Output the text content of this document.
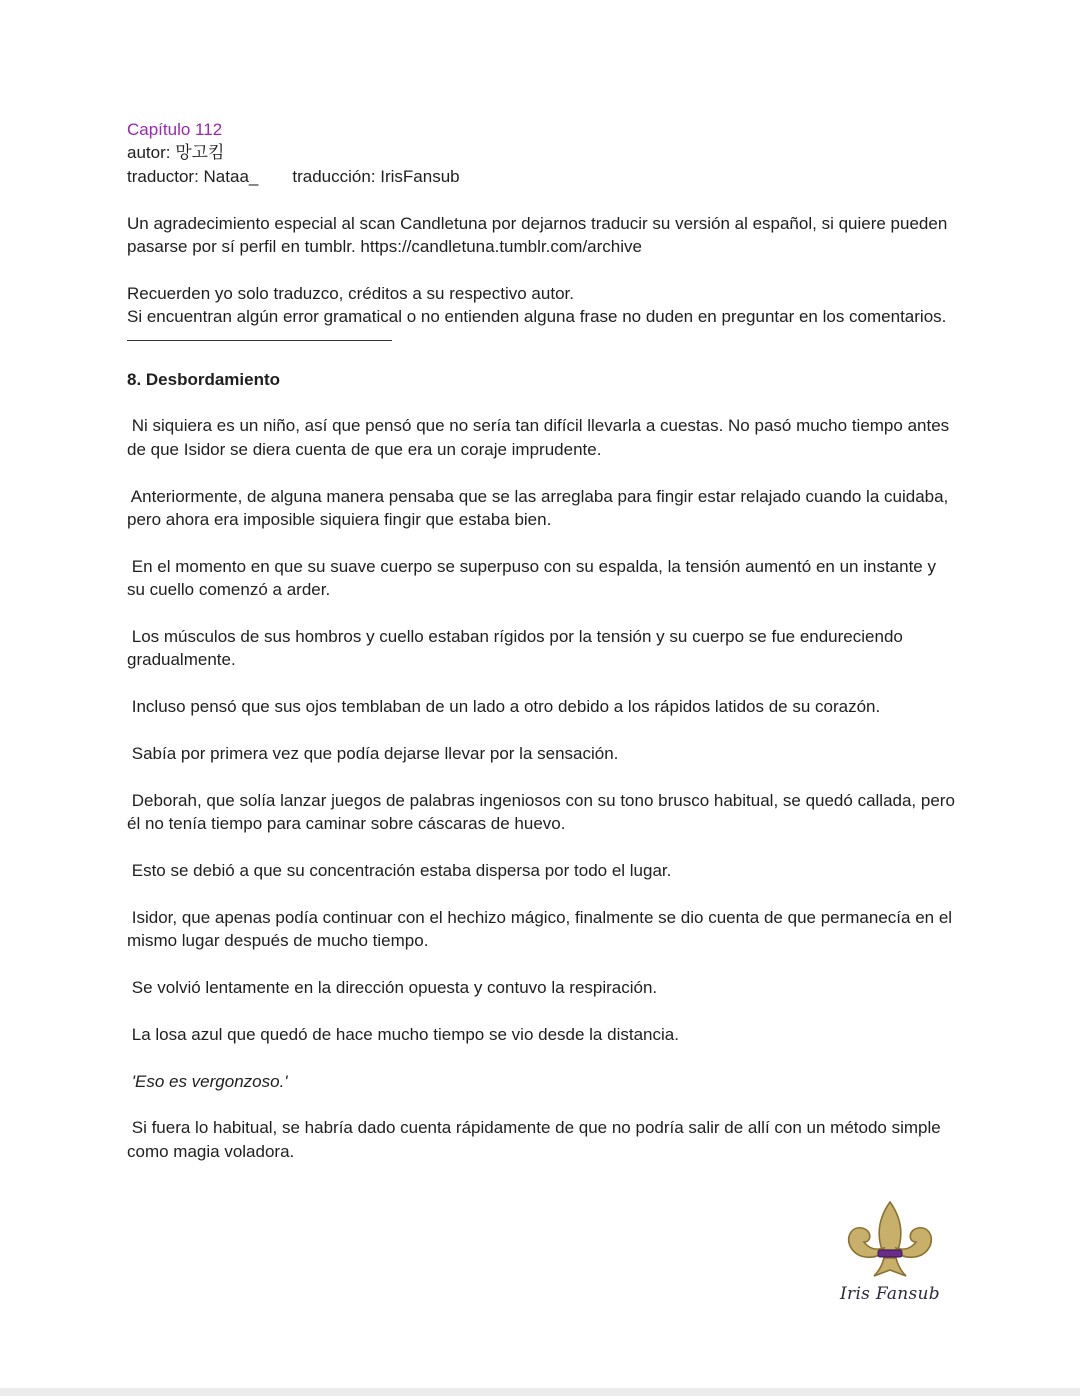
Capítulo 112

autor: 망고킴

traductor: Nataa_ traducción: IrisFansub

Un agradecimiento especial al scan Candletuna por dejarnos traducir su versión al español, si quiere pueden pasarse por sí perfil en tumblr. https://candletuna.tumblr.com/archive

Recuerden yo solo traduzco, créditos a su respectivo autor.

Si encuentran algún error gramatical o no entienden alguna frase no duden en preguntar en los comentarios.

8. Desbordamiento

Ni siquiera es un niño, así que pensó que no sería tan difícil llevarla a cuestas. No pasó mucho tiempo antes de que Isidor se diera cuenta de que era un coraje imprudente.

Anteriormente, de alguna manera pensaba que se las arreglaba para fingir estar relajado cuando la cuidaba, pero ahora era imposible siquiera fingir que estaba bien.

En el momento en que su suave cuerpo se superpuso con su espalda, la tensión aumentó en un instante y su cuello comenzó a arder.

Los músculos de sus hombros y cuello estaban rígidos por la tensión y su cuerpo se fue endureciendo gradualmente.

Incluso pensó que sus ojos temblaban de un lado a otro debido a los rápidos latidos de su corazón.

Sabía por primera vez que podía dejarse llevar por la sensación.

Deborah, que solía lanzar juegos de palabras ingeniosos con su tono brusco habitual, se quedó callada, pero él no tenía tiempo para caminar sobre cáscaras de huevo.

Esto se debió a que su concentración estaba dispersa por todo el lugar.

Isidor, que apenas podía continuar con el hechizo mágico, finalmente se dio cuenta de que permanecía en el mismo lugar después de mucho tiempo.

Se volvió lentamente en la dirección opuesta y contuvo la respiración.

La losa azul que quedó de hace mucho tiempo se vio desde la distancia.

'Eso es vergonzoso.'

Si fuera lo habitual, se habría dado cuenta rápidamente de que no podría salir de allí con un método simple como magia voladora.

Iris Fansub
